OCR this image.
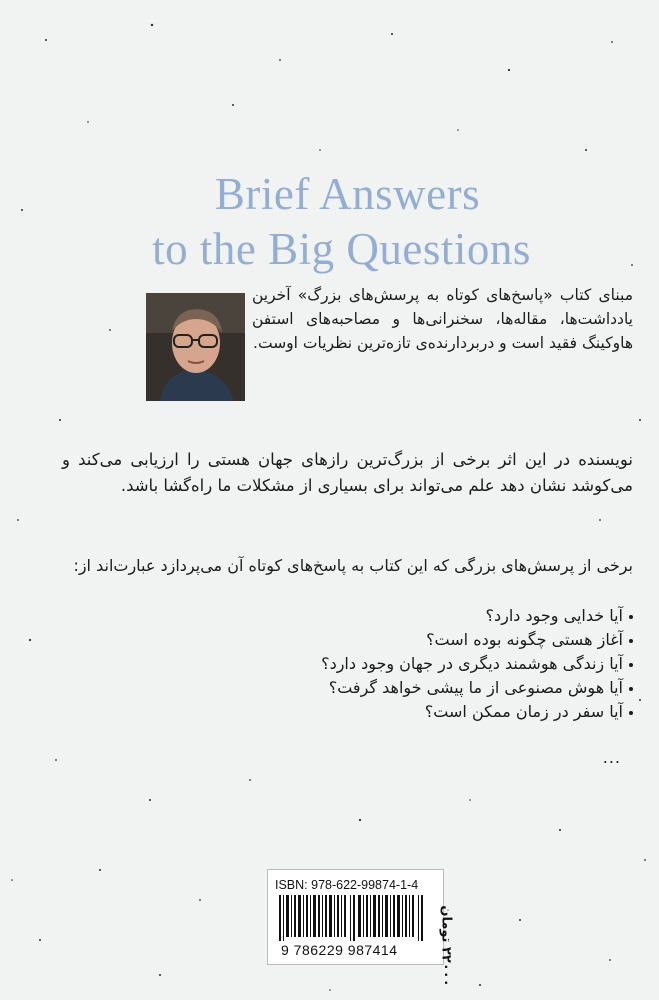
Brief Answers
to the Big Questions
مبنای کتاب «پاسخ‌های کوتاه به پرسش‌های بزرگ» آخرین یادداشت‌ها، مقاله‌ها، سخنرانی‌ها و مصاحبه‌های استفن هاوکینگ فقید است و دربردارنده‌ی تازه‌ترین نظریات اوست.
نویسنده در این اثر برخی از بزرگ‌ترین رازهای جهان هستی را ارزیابی می‌کند و می‌کوشد نشان دهد علم می‌تواند برای بسیاری از مشکلات ما راه‌گشا باشد.
برخی از پرسش‌های بزرگی که این کتاب به پاسخ‌های کوتاه آن می‌پردازد عبارت‌اند از:
آیا خدایی وجود دارد؟
آغاز هستی چگونه بوده است؟
آیا زندگی هوشمند دیگری در جهان وجود دارد؟
آیا هوش مصنوعی از ما پیشی خواهد گرفت؟
آیا سفر در زمان ممکن است؟
...
ISBN: 978-622-99874-1-4
9 786229 987414
۲۲۰۰۰ تومان
